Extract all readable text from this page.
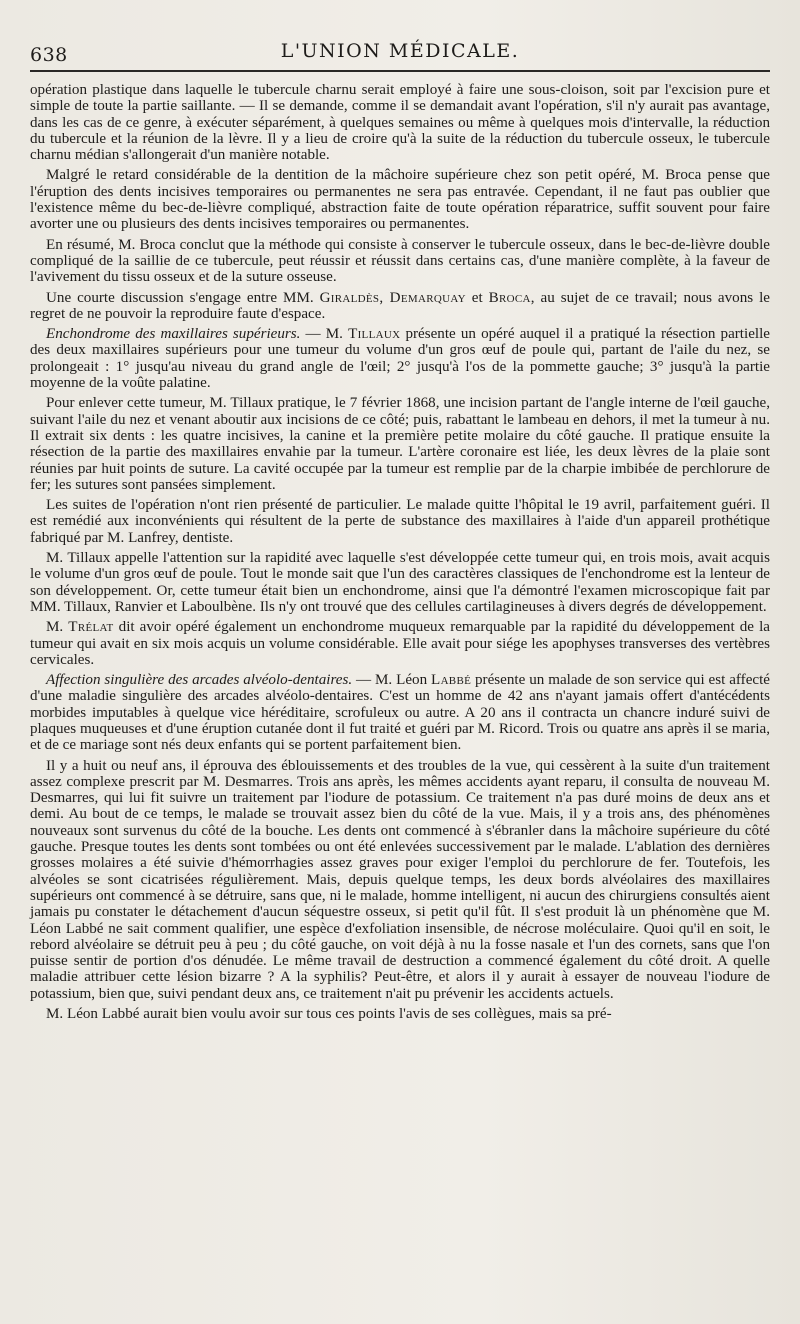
638	L'UNION MÉDICALE.

opération plastique dans laquelle le tubercule charnu serait employé à faire une sous-cloison, soit par l'excision pure et simple de toute la partie saillante. — Il se demande, comme il se demandait avant l'opération, s'il n'y aurait pas avantage, dans les cas de ce genre, à exécuter séparément, à quelques semaines ou même à quelques mois d'intervalle, la réduction du tubercule et la réunion de la lèvre. Il y a lieu de croire qu'à la suite de la réduction du tubercule osseux, le tubercule charnu médian s'allongerait d'un manière notable.

Malgré le retard considérable de la dentition de la mâchoire supérieure chez son petit opéré, M. Broca pense que l'éruption des dents incisives temporaires ou permanentes ne sera pas entravée. Cependant, il ne faut pas oublier que l'existence même du bec-de-lièvre compliqué, abstraction faite de toute opération réparatrice, suffit souvent pour faire avorter une ou plusieurs des dents incisives temporaires ou permanentes.

En résumé, M. Broca conclut que la méthode qui consiste à conserver le tubercule osseux, dans le bec-de-lièvre double compliqué de la saillie de ce tubercule, peut réussir et réussit dans certains cas, d'une manière complète, à la faveur de l'avivement du tissu osseux et de la suture osseuse.

Une courte discussion s'engage entre MM. Giraldès, Demarquay et Broca, au sujet de ce travail; nous avons le regret de ne pouvoir la reproduire faute d'espace.

Enchondrome des maxillaires supérieurs. — M. Tillaux présente un opéré auquel il a pratiqué la résection partielle des deux maxillaires supérieurs pour une tumeur du volume d'un gros œuf de poule qui, partant de l'aile du nez, se prolongeait : 1° jusqu'au niveau du grand angle de l'œil; 2° jusqu'à l'os de la pommette gauche; 3° jusqu'à la partie moyenne de la voûte palatine.

Pour enlever cette tumeur, M. Tillaux pratique, le 7 février 1868, une incision partant de l'angle interne de l'œil gauche, suivant l'aile du nez et venant aboutir aux incisions de ce côté; puis, rabattant le lambeau en dehors, il met la tumeur à nu. Il extrait six dents : les quatre incisives, la canine et la première petite molaire du côté gauche. Il pratique ensuite la résection de la partie des maxillaires envahie par la tumeur. L'artère coronaire est liée, les deux lèvres de la plaie sont réunies par huit points de suture. La cavité occupée par la tumeur est remplie par de la charpie imbibée de perchlorure de fer; les sutures sont pansées simplement.

Les suites de l'opération n'ont rien présenté de particulier. Le malade quitte l'hôpital le 19 avril, parfaitement guéri. Il est remédié aux inconvénients qui résultent de la perte de substance des maxillaires à l'aide d'un appareil prothétique fabriqué par M. Lanfrey, dentiste.

M. Tillaux appelle l'attention sur la rapidité avec laquelle s'est développée cette tumeur qui, en trois mois, avait acquis le volume d'un gros œuf de poule. Tout le monde sait que l'un des caractères classiques de l'enchondrome est la lenteur de son développement. Or, cette tumeur était bien un enchondrome, ainsi que l'a démontré l'examen microscopique fait par MM. Tillaux, Ranvier et Laboulbène. Ils n'y ont trouvé que des cellules cartilagineuses à divers degrés de développement.

M. Trélat dit avoir opéré également un enchondrome muqueux remarquable par la rapidité du développement de la tumeur qui avait en six mois acquis un volume considérable. Elle avait pour siége les apophyses transverses des vertèbres cervicales.

Affection singulière des arcades alvéolo-dentaires. — M. Léon Labbé présente un malade de son service qui est affecté d'une maladie singulière des arcades alvéolo-dentaires. C'est un homme de 42 ans n'ayant jamais offert d'antécédents morbides imputables à quelque vice héréditaire, scrofuleux ou autre. A 20 ans il contracta un chancre induré suivi de plaques muqueuses et d'une éruption cutanée dont il fut traité et guéri par M. Ricord. Trois ou quatre ans après il se maria, et de ce mariage sont nés deux enfants qui se portent parfaitement bien.

Il y a huit ou neuf ans, il éprouva des éblouissements et des troubles de la vue, qui cessèrent à la suite d'un traitement assez complexe prescrit par M. Desmarres. Trois ans après, les mêmes accidents ayant reparu, il consulta de nouveau M. Desmarres, qui lui fit suivre un traitement par l'iodure de potassium. Ce traitement n'a pas duré moins de deux ans et demi. Au bout de ce temps, le malade se trouvait assez bien du côté de la vue. Mais, il y a trois ans, des phénomènes nouveaux sont survenus du côté de la bouche. Les dents ont commencé à s'ébranler dans la mâchoire supérieure du côté gauche. Presque toutes les dents sont tombées ou ont été enlevées successivement par le malade. L'ablation des dernières grosses molaires a été suivie d'hémorrhagies assez graves pour exiger l'emploi du perchlorure de fer. Toutefois, les alvéoles se sont cicatrisées régulièrement. Mais, depuis quelque temps, les deux bords alvéolaires des maxillaires supérieurs ont commencé à se détruire, sans que, ni le malade, homme intelligent, ni aucun des chirurgiens consultés aient jamais pu constater le détachement d'aucun séquestre osseux, si petit qu'il fût. Il s'est produit là un phénomène que M. Léon Labbé ne sait comment qualifier, une espèce d'exfoliation insensible, de nécrose moléculaire. Quoi qu'il en soit, le rebord alvéolaire se détruit peu à peu ; du côté gauche, on voit déjà à nu la fosse nasale et l'un des cornets, sans que l'on puisse sentir de portion d'os dénudée. Le même travail de destruction a commencé également du côté droit. A quelle maladie attribuer cette lésion bizarre ? A la syphilis? Peut-être, et alors il y aurait à essayer de nouveau l'iodure de potassium, bien que, suivi pendant deux ans, ce traitement n'ait pu prévenir les accidents actuels.

M. Léon Labbé aurait bien voulu avoir sur tous ces points l'avis de ses collègues, mais sa pré-
